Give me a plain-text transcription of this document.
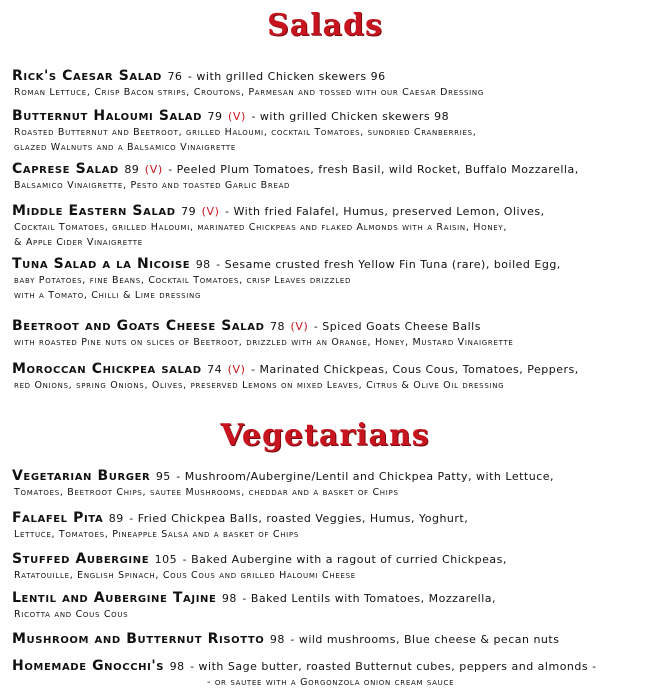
Salads
Vegetarians
Rick's Caesar Salad 76 - with grilled Chicken skewers 96
Roman Lettuce, Crisp Bacon strips, Croutons, Parmesan and tossed with our Caesar Dressing
Butternut Haloumi Salad 79 (V) - with grilled Chicken skewers 98
Roasted Butternut and Beetroot, grilled Haloumi, cocktail Tomatoes, sundried Cranberries,
glazed Walnuts and a Balsamico Vinaigrette
Caprese Salad 89 (V) - Peeled Plum Tomatoes, fresh Basil, wild Rocket, Buffalo Mozzarella,
Balsamico Vinaigrette, Pesto and toasted Garlic Bread
Middle Eastern Salad 79 (V) - With fried Falafel, Humus, preserved Lemon, Olives,
Cocktail Tomatoes, grilled Haloumi, marinated Chickpeas and flaked Almonds with a Raisin, Honey,
& Apple Cider Vinaigrette
Tuna Salad a la Nicoise 98 - Sesame crusted fresh Yellow Fin Tuna (rare), boiled Egg,
baby Potatoes, fine Beans, Cocktail Tomatoes, crisp Leaves drizzled
with a Tomato, Chilli & Lime dressing
Beetroot and Goats Cheese Salad 78 (V) - Spiced Goats Cheese Balls
with roasted Pine nuts on slices of Beetroot, drizzled with an Orange, Honey, Mustard Vinaigrette
Moroccan Chickpea salad 74 (V) - Marinated Chickpeas, Cous Cous, Tomatoes, Peppers,
red Onions, spring Onions, Olives, preserved Lemons on mixed Leaves, Citrus & Olive Oil dressing
Vegetarian Burger 95 - Mushroom/Aubergine/Lentil and Chickpea Patty, with Lettuce,
Tomatoes, Beetroot Chips, sautee Mushrooms, cheddar and a basket of Chips
Falafel Pita 89 - Fried Chickpea Balls, roasted Veggies, Humus, Yoghurt,
Lettuce, Tomatoes, Pineapple Salsa and a basket of Chips
Stuffed Aubergine 105 - Baked Aubergine with a ragout of curried Chickpeas,
Ratatouille, English Spinach, Cous Cous and grilled Haloumi Cheese
Lentil and Aubergine Tajine 98 - Baked Lentils with Tomatoes, Mozzarella,
Ricotta and Cous Cous
Mushroom and Butternut Risotto 98 - wild mushrooms, Blue cheese & pecan nuts
Homemade Gnocchi's 98 - with Sage butter, roasted Butternut cubes, peppers and almonds -
- or sautee with a Gorgonzola onion cream sauce
